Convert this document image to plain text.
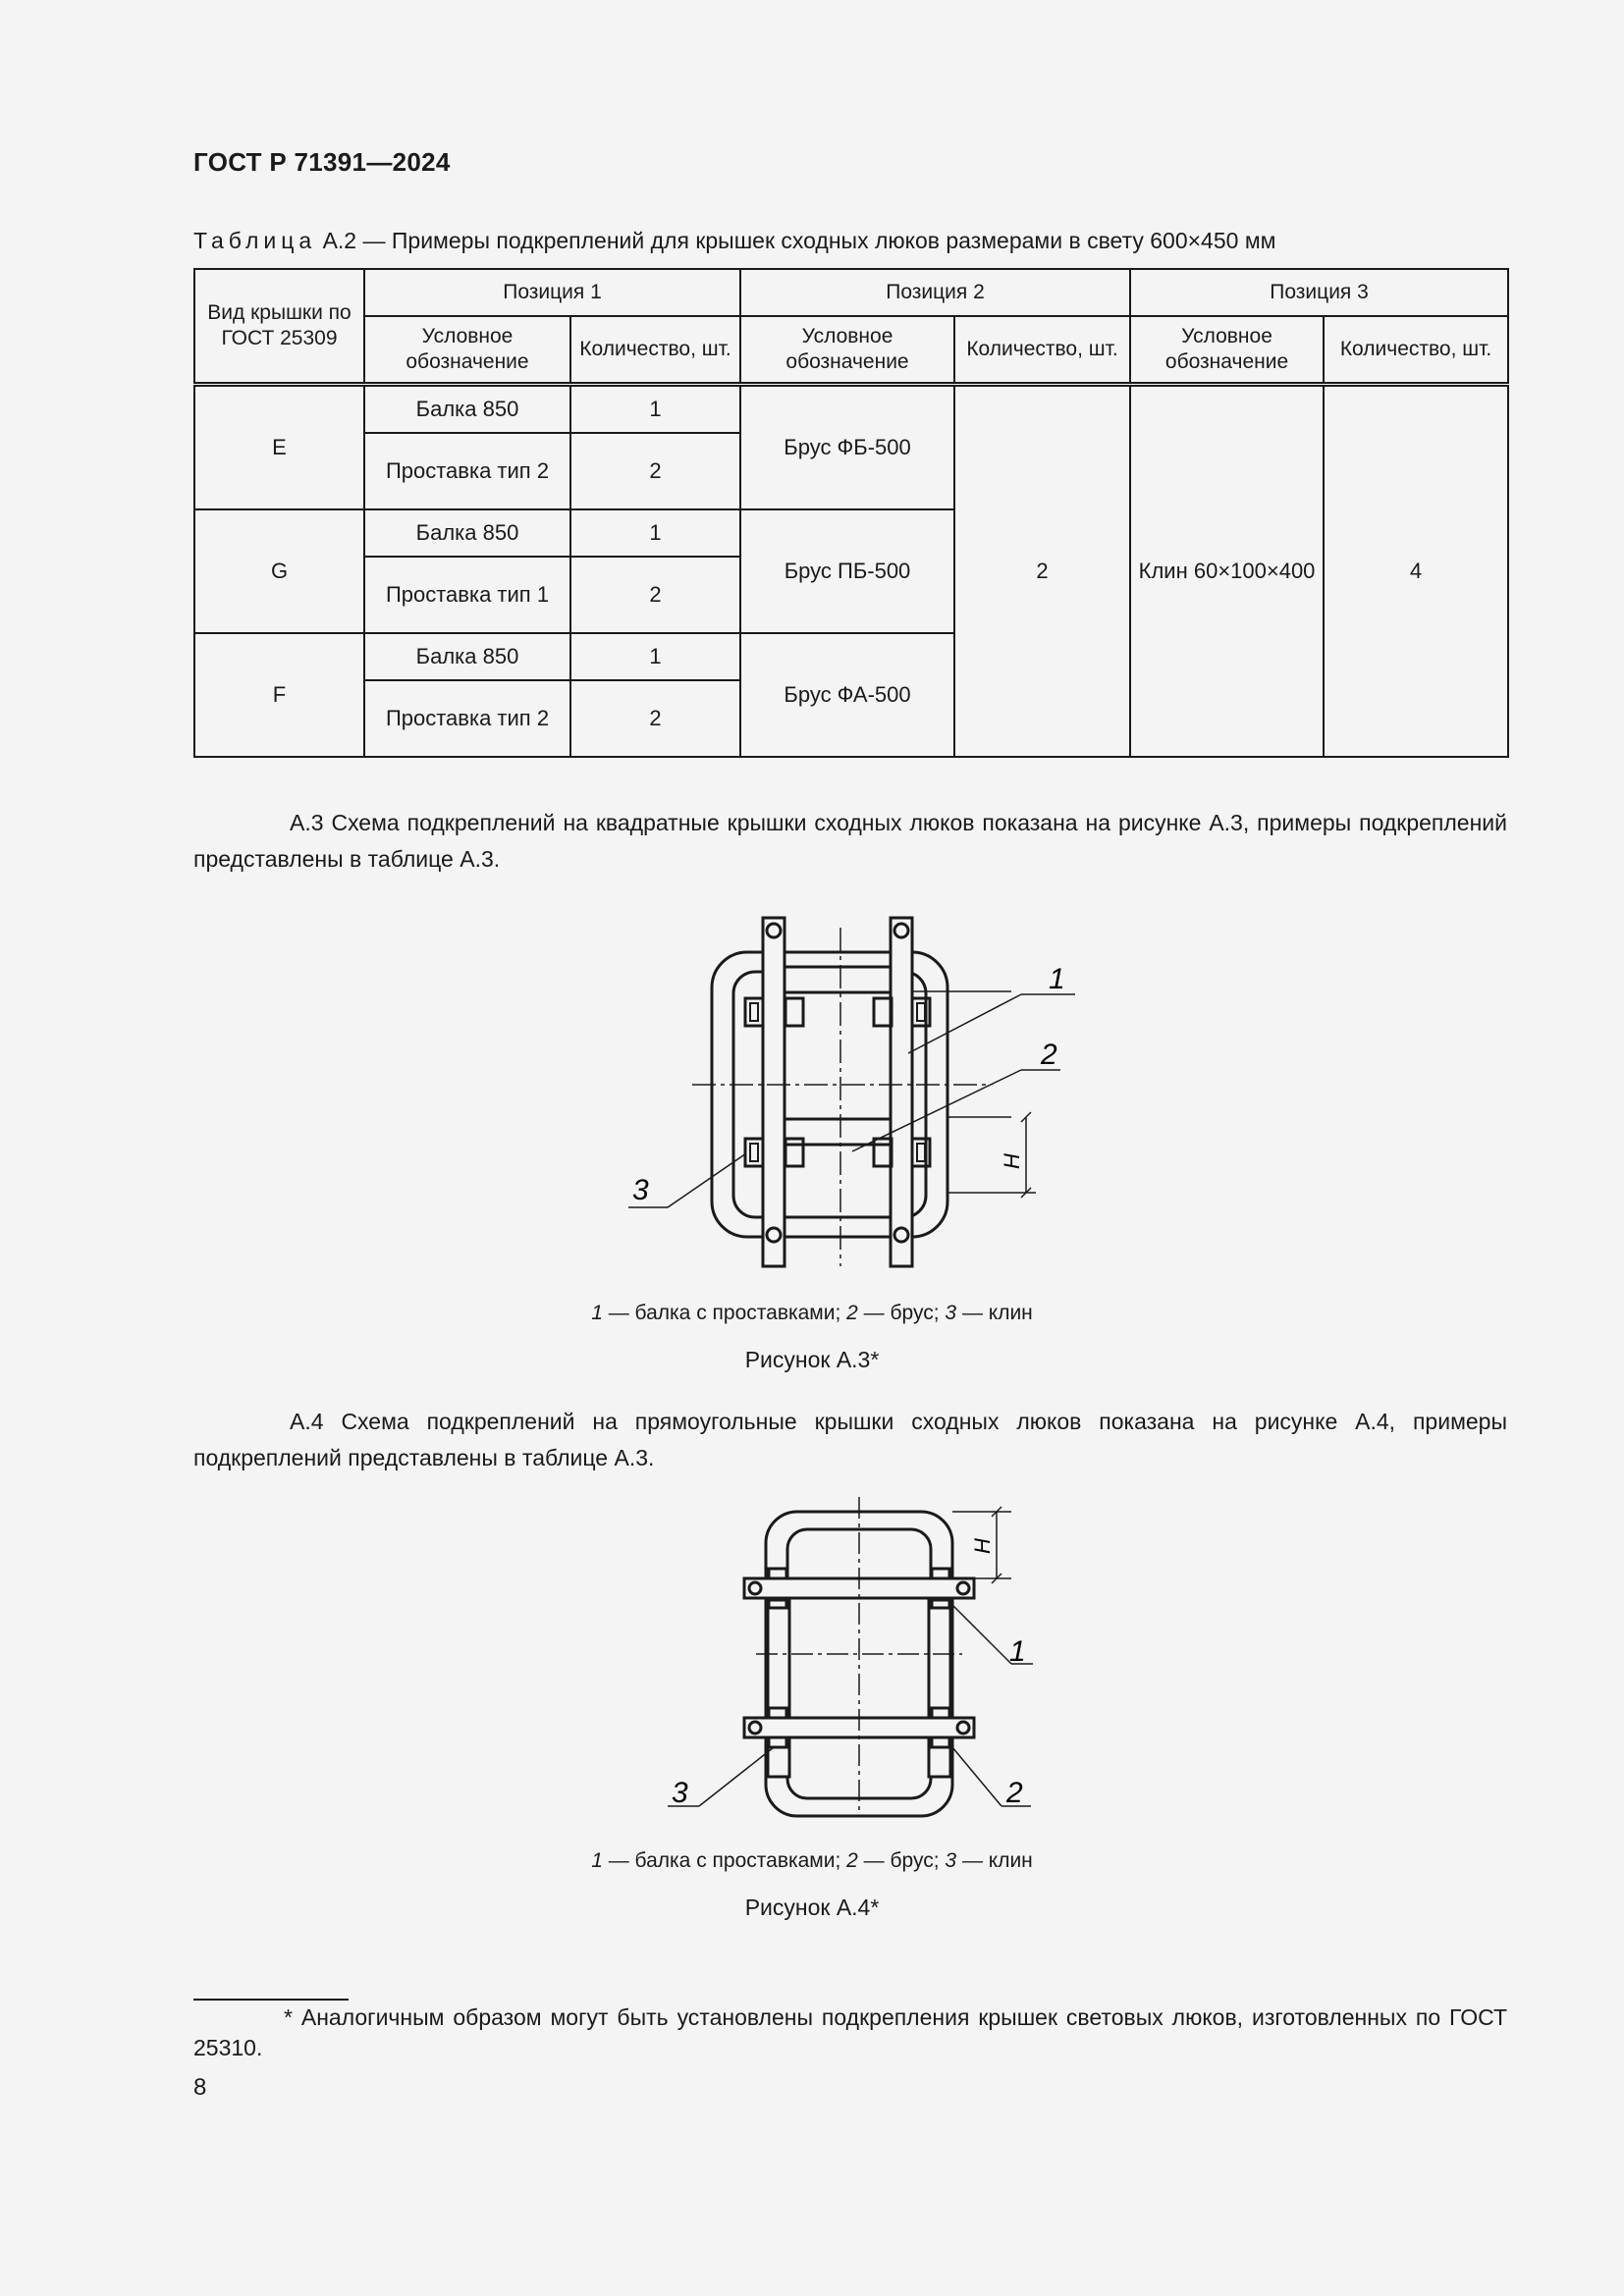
ГОСТ Р 71391—2024
Таблица А.2 — Примеры подкреплений для крышек сходных люков размерами в свету 600×450 мм
Вид крышки по ГОСТ 25309	Позиция 1		Позиция 2		Позиция 3	
	Условное обозначение	Количество, шт.	Условное обозначение	Количество, шт.	Условное обозначение	Количество, шт.
E	Балка 850	1	Брус ФБ-500	2	Клин 60×100×400	4
	Проставка тип 2	2				
G	Балка 850	1	Брус ПБ-500			
	Проставка тип 1	2				
F	Балка 850	1	Брус ФА-500			
	Проставка тип 2	2				
А.3 Схема подкреплений на квадратные крышки сходных люков показана на рисунке А.3, примеры подкреплений представлены в таблице А.3.
1
2
3
H
1 — балка с проставками; 2 — брус; 3 — клин
Рисунок А.3*
А.4 Схема подкреплений на прямоугольные крышки сходных люков показана на рисунке А.4, примеры подкреплений представлены в таблице А.3.
1
2
3
H
1 — балка с проставками; 2 — брус; 3 — клин
Рисунок А.4*
* Аналогичным образом могут быть установлены подкрепления крышек световых люков, изготовленных по ГОСТ 25310.
8
